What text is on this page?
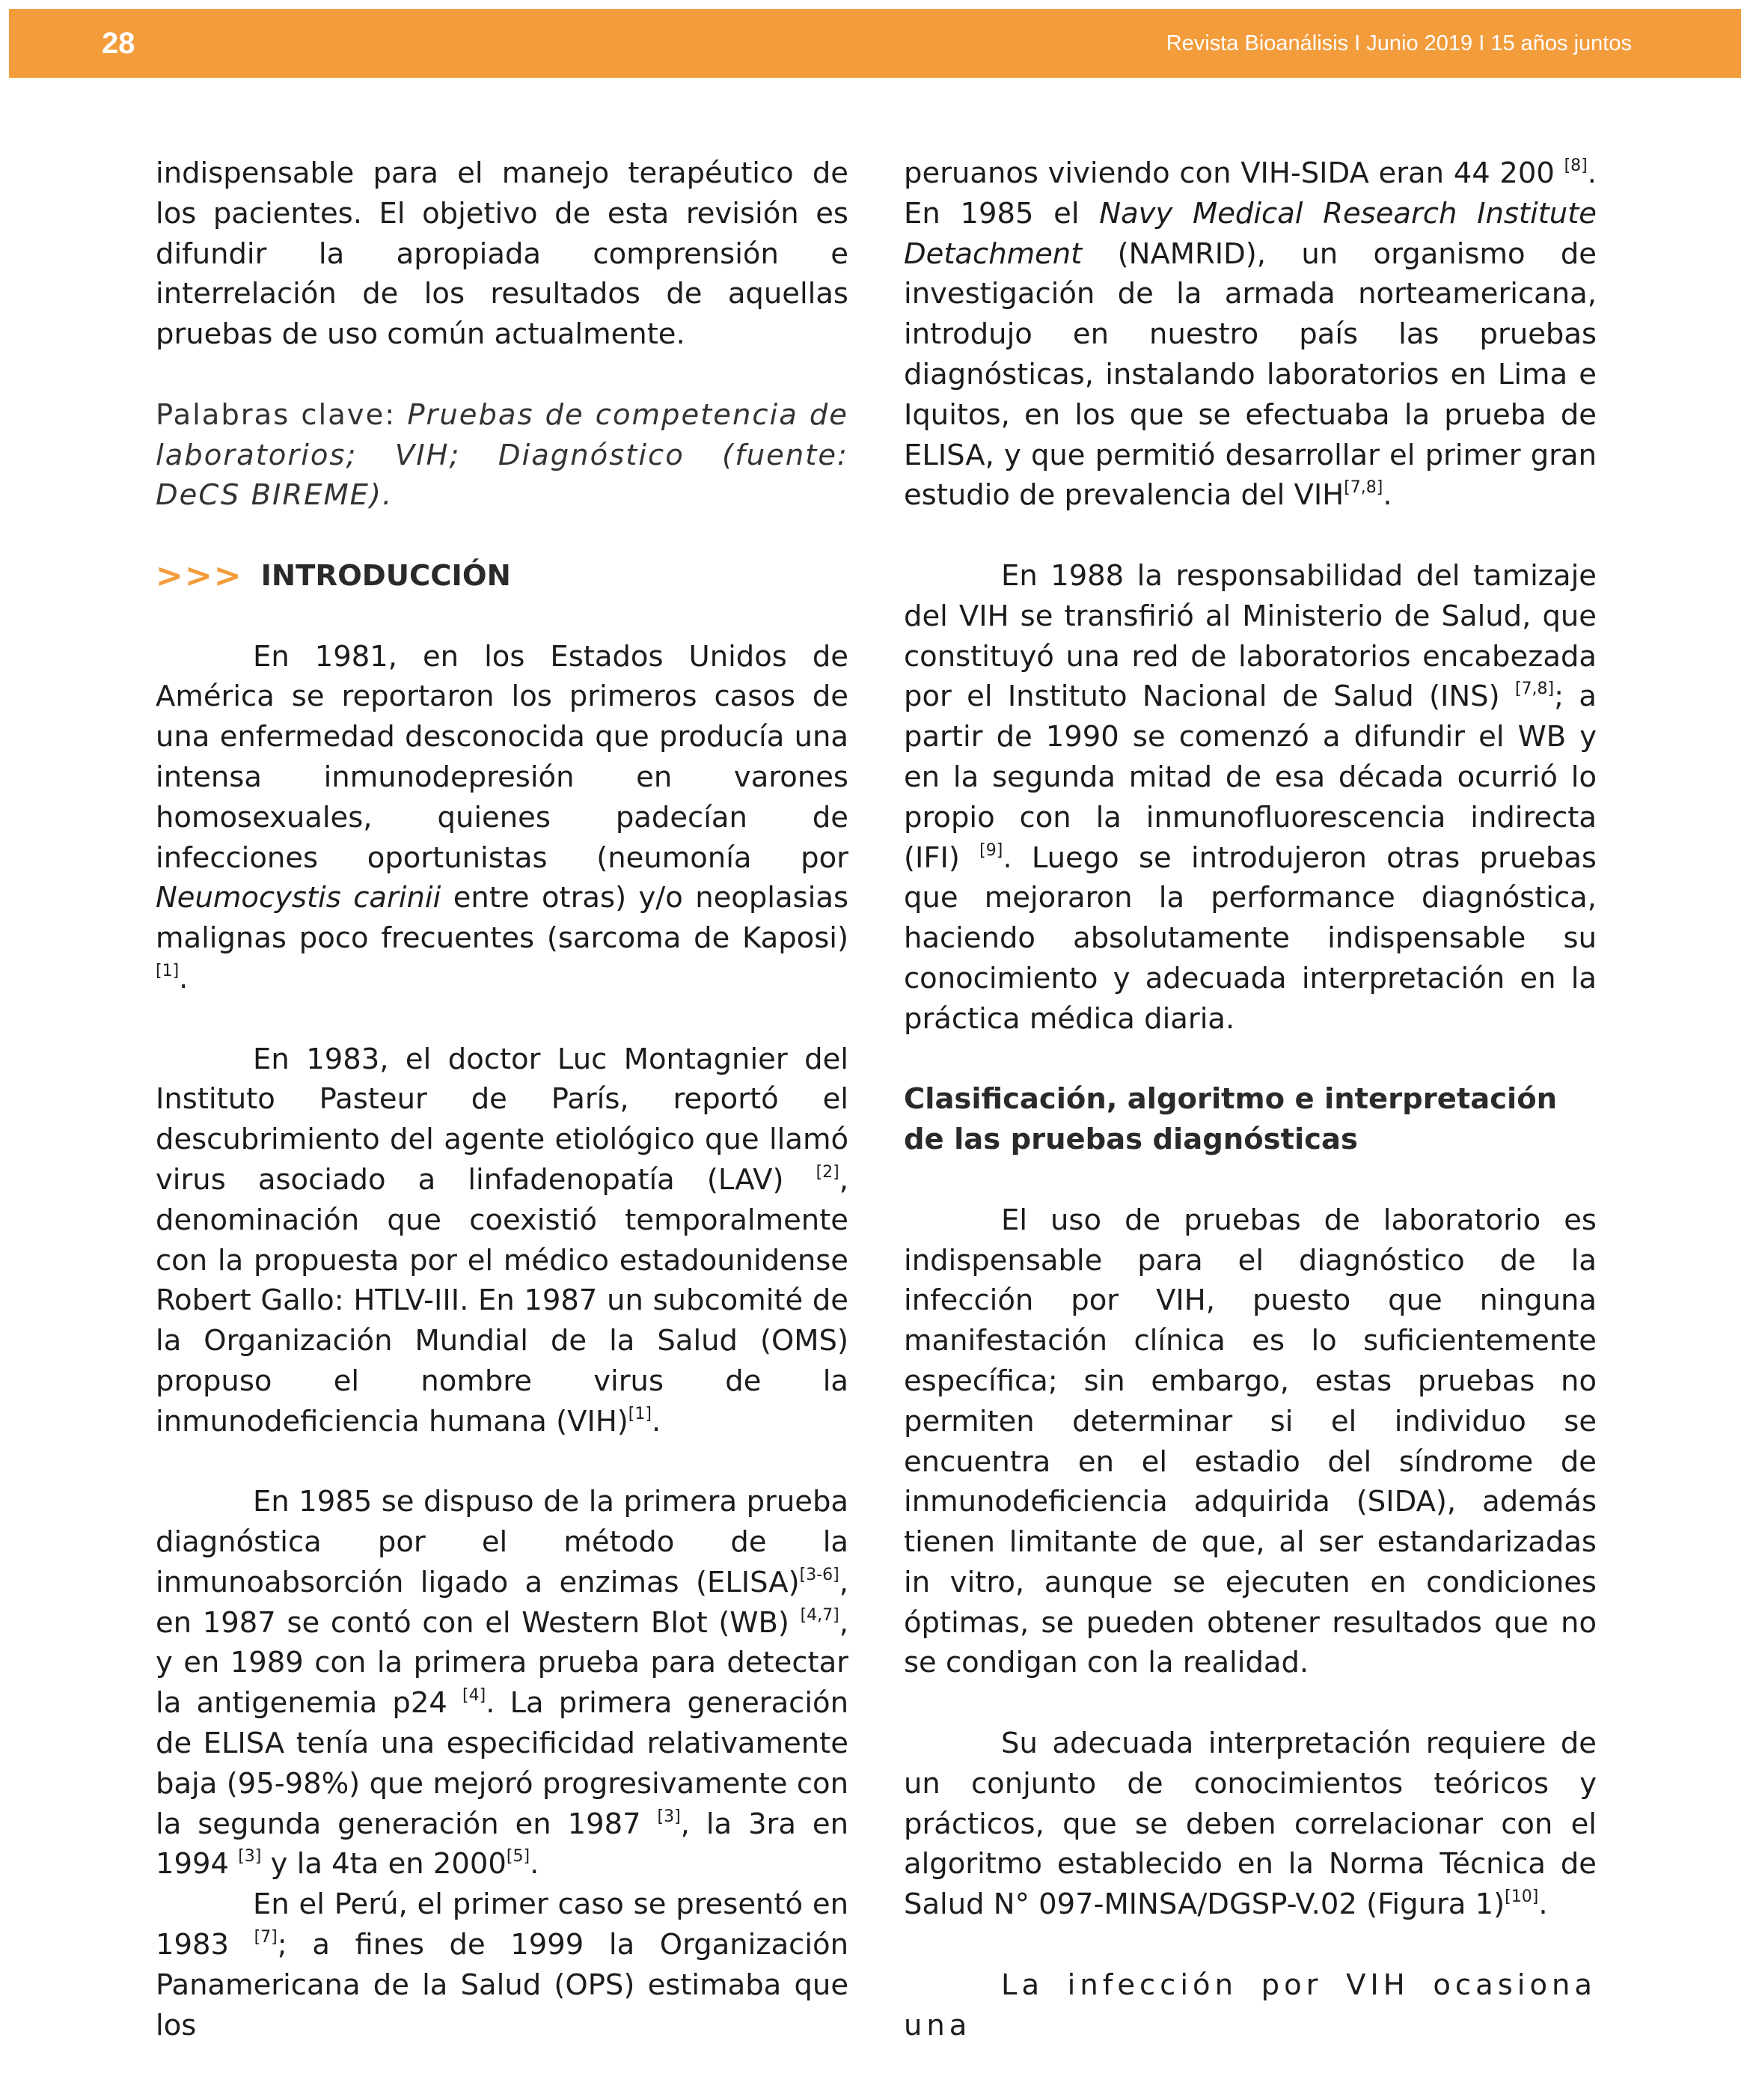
28	Revista Bioanálisis I Junio 2019 I 15 años juntos

indispensable para el manejo terapéutico de los pacientes. El objetivo de esta revisión es difundir la apropiada comprensión e interrelación de los resultados de aquellas pruebas de uso común actualmente.

Palabras clave: Pruebas de competencia de laboratorios; VIH; Diagnóstico (fuente: DeCS BIREME).

>>> INTRODUCCIÓN

En 1981, en los Estados Unidos de América se reportaron los primeros casos de una enfermedad desconocida que producía una intensa inmunodepresión en varones homosexuales, quienes padecían de infecciones oportunistas (neumonía por Neumocystis carinii entre otras) y/o neoplasias malignas poco frecuentes (sarcoma de Kaposi)[1].

En 1983, el doctor Luc Montagnier del Instituto Pasteur de París, reportó el descubrimiento del agente etiológico que llamó virus asociado a linfadenopatía (LAV) [2], denominación que coexistió temporalmente con la propuesta por el médico estadounidense Robert Gallo: HTLV-III. En 1987 un subcomité de la Organización Mundial de la Salud (OMS) propuso el nombre virus de la inmunodeficiencia humana (VIH)[1].

En 1985 se dispuso de la primera prueba diagnóstica por el método de la inmunoabsorción ligado a enzimas (ELISA)[3-6], en 1987 se contó con el Western Blot (WB) [4,7], y en 1989 con la primera prueba para detectar la antigenemia p24 [4]. La primera generación de ELISA tenía una especificidad relativamente baja (95-98%) que mejoró progresivamente con la segunda generación en 1987 [3], la 3ra en 1994 [3] y la 4ta en 2000[5].

En el Perú, el primer caso se presentó en 1983 [7]; a fines de 1999 la Organización Panamericana de la Salud (OPS) estimaba que los

peruanos viviendo con VIH-SIDA eran 44 200 [8]. En 1985 el Navy Medical Research Institute Detachment (NAMRID), un organismo de investigación de la armada norteamericana, introdujo en nuestro país las pruebas diagnósticas, instalando laboratorios en Lima e Iquitos, en los que se efectuaba la prueba de ELISA, y que permitió desarrollar el primer gran estudio de prevalencia del VIH[7,8].

En 1988 la responsabilidad del tamizaje del VIH se transfirió al Ministerio de Salud, que constituyó una red de laboratorios encabezada por el Instituto Nacional de Salud (INS) [7,8]; a partir de 1990 se comenzó a difundir el WB y en la segunda mitad de esa década ocurrió lo propio con la inmunofluorescencia indirecta (IFI) [9]. Luego se introdujeron otras pruebas que mejoraron la performance diagnóstica, haciendo absolutamente indispensable su conocimiento y adecuada interpretación en la práctica médica diaria.

Clasificación, algoritmo e interpretación de las pruebas diagnósticas

El uso de pruebas de laboratorio es indispensable para el diagnóstico de la infección por VIH, puesto que ninguna manifestación clínica es lo suficientemente específica; sin embargo, estas pruebas no permiten determinar si el individuo se encuentra en el estadio del síndrome de inmunodeficiencia adquirida (SIDA), además tienen limitante de que, al ser estandarizadas in vitro, aunque se ejecuten en condiciones óptimas, se pueden obtener resultados que no se condigan con la realidad.

Su adecuada interpretación requiere de un conjunto de conocimientos teóricos y prácticos, que se deben correlacionar con el algoritmo establecido en la Norma Técnica de Salud N° 097-MINSA/DGSP-V.02 (Figura 1)[10].

La infección por VIH ocasiona una
